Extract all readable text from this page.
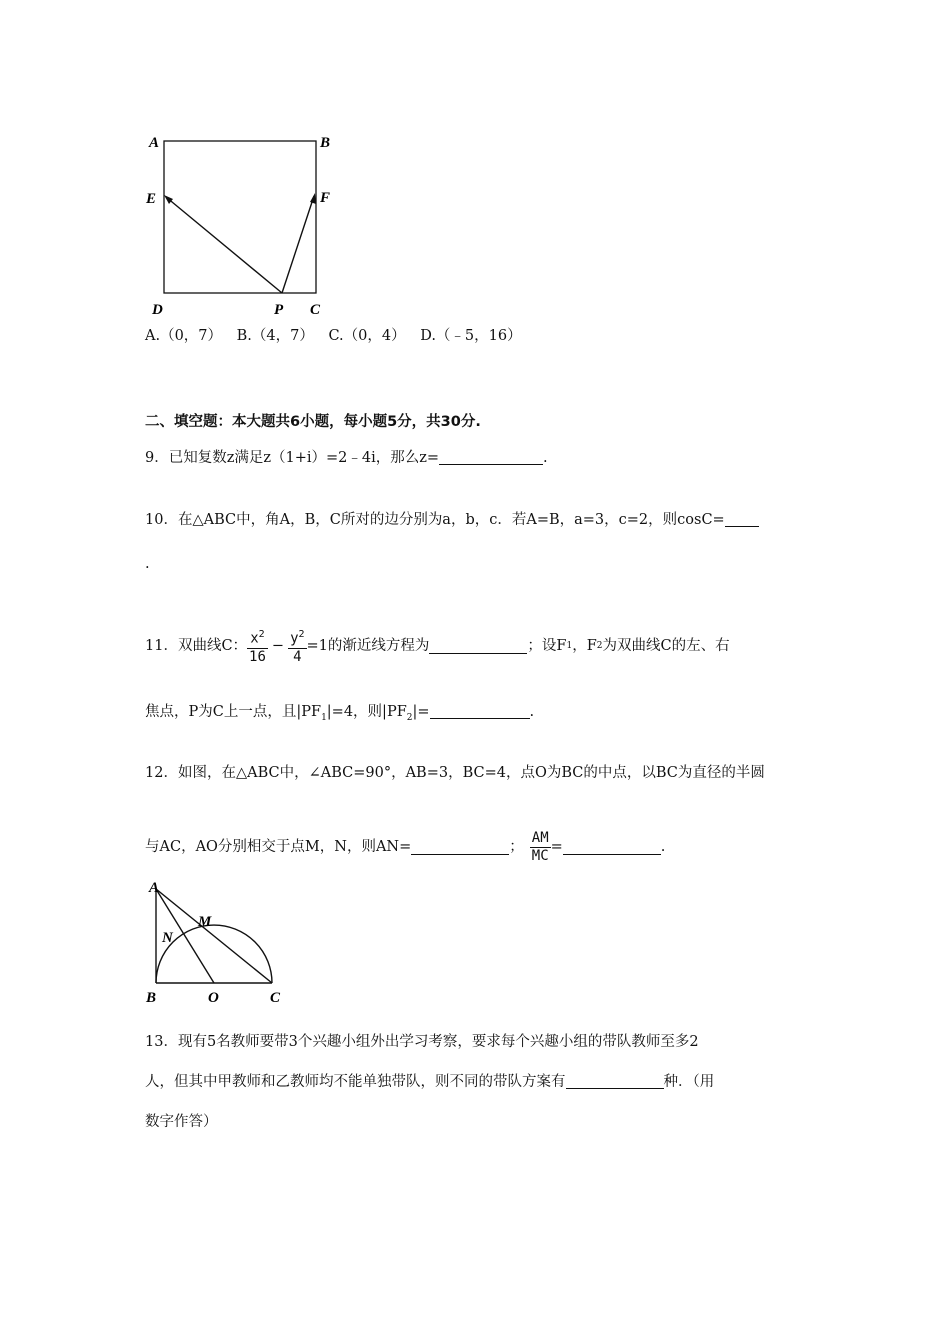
A	B
E	F
D	P C
A.（0，7） B.（4，7） C.（0，4） D.（﹣5，16）
二、填空题：本大题共6小题，每小题5分，共30分.
9．已知复数z满足z（1+i）=2﹣4i，那么z=	.
10．在△ABC中，角A，B，C所对的边分别为a，b，c．若A=B，a=3，c=2，则cosC=
.
11．双曲线C： $\frac{x^2}{16} - \frac{y^2}{4} =1$ 的渐近线方程为	；设F 1 ，F 2 为双曲线C的左、右
焦点，P为C上一点，且$|PF_1|=4$，则$|PF_2|=$	.
12．如图，在△ABC中，∠ABC=90°，AB=3，BC=4，点O为BC的中点，以BC为直径的半圆
与AC，AO分别相交于点M，N，则AN=	； $\frac{AM}{MC}$ =	.
A
M
N
B	O	C
13．现有5名教师要带3个兴趣小组外出学习考察，要求每个兴趣小组的带队教师至多2
人，但其中甲教师和乙教师均不能单独带队，则不同的带队方案有	种．（用
数字作答）
